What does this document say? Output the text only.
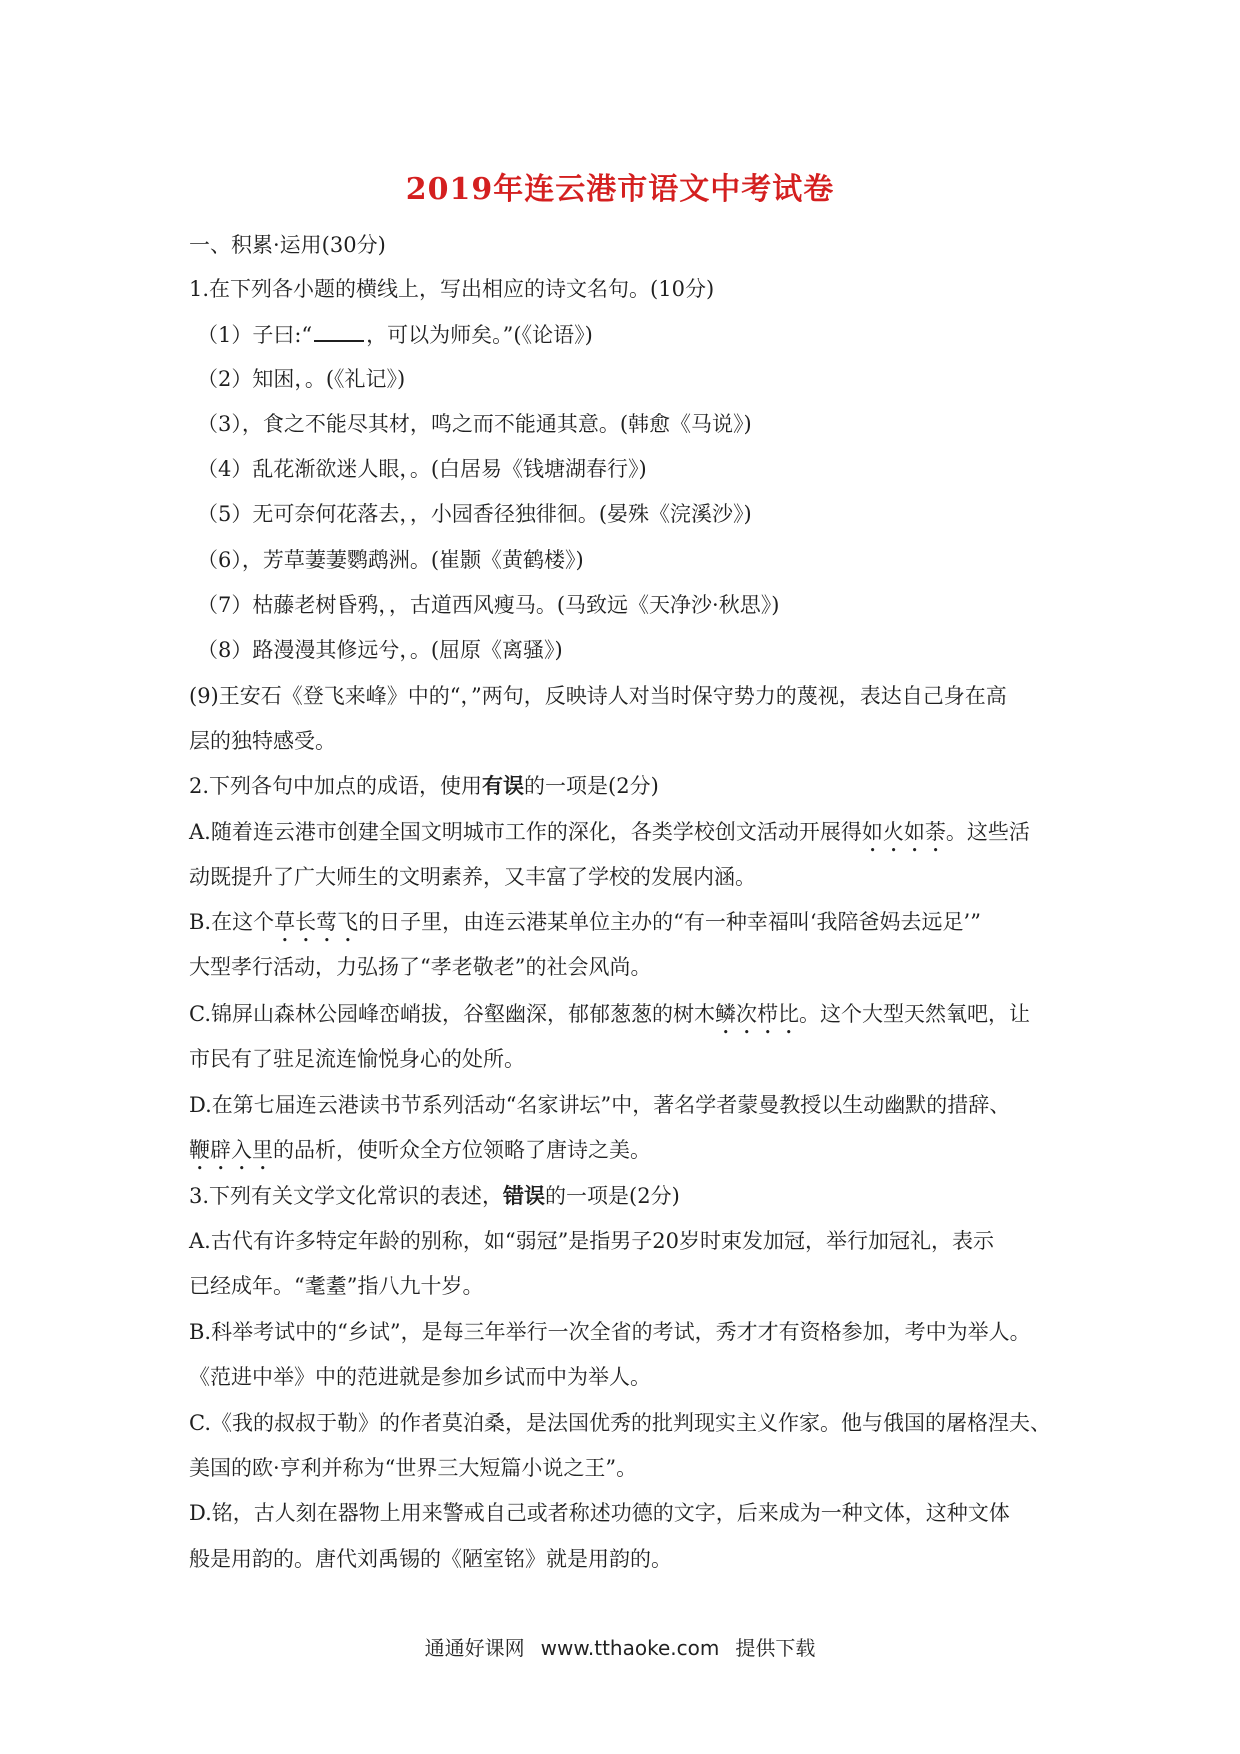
2019年连云港市语文中考试卷
一、积累·运用(30分)
1.在下列各小题的横线上，写出相应的诗文名句。(10分)
（1）子曰:“	，可以为师矣。”(《论语》)
（2）知困，。(《礼记》)
（3），食之不能尽其材，鸣之而不能通其意。(韩愈《马说》)
（4）乱花渐欲迷人眼，。(白居易《钱塘湖春行》)
（5）无可奈何花落去，，小园香径独徘徊。(晏殊《浣溪沙》)
（6），芳草萋萋鹦鹉洲。(崔颢《黄鹤楼》)
（7）枯藤老树昏鸦，，古道西风瘦马。(马致远《天净沙·秋思》)
（8）路漫漫其修远兮，。(屈原《离骚》)
(9)王安石《登飞来峰》中的“，”两句，反映诗人对当时保守势力的蔑视，表达自己身在高
层的独特感受。
2.下列各句中加点的成语，使用有误的一项是(2分)
A.随着连云港市创建全国文明城市工作的深化，各类学校创文活动开展得如火如荼。这些活
动既提升了广大师生的文明素养，又丰富了学校的发展内涵。
B.在这个草长莺飞的日子里，由连云港某单位主办的“有一种幸福叫‘我陪爸妈去远足’”
大型孝行活动，力弘扬了“孝老敬老”的社会风尚。
C.锦屏山森林公园峰峦峭拔，谷壑幽深，郁郁葱葱的树木鳞次栉比。这个大型天然氧吧，让
市民有了驻足流连愉悦身心的处所。
D.在第七届连云港读书节系列活动“名家讲坛”中，著名学者蒙曼教授以生动幽默的措辞、
鞭辟入里的品析，使听众全方位领略了唐诗之美。
3.下列有关文学文化常识的表述，错误的一项是(2分)
A.古代有许多特定年龄的别称，如“弱冠”是指男子20岁时束发加冠，举行加冠礼，表示
已经成年。“耄耋”指八九十岁。
B.科举考试中的“乡试”，是每三年举行一次全省的考试，秀才才有资格参加，考中为举人。
《范进中举》中的范进就是参加乡试而中为举人。
C.《我的叔叔于勒》的作者莫泊桑，是法国优秀的批判现实主义作家。他与俄国的屠格涅夫、
美国的欧·亨利并称为“世界三大短篇小说之王”。
D.铭，古人刻在器物上用来警戒自己或者称述功德的文字，后来成为一种文体，这种文体
般是用韵的。唐代刘禹锡的《陋室铭》就是用韵的。
通通好课网 www.tthaoke.com 提供下载
